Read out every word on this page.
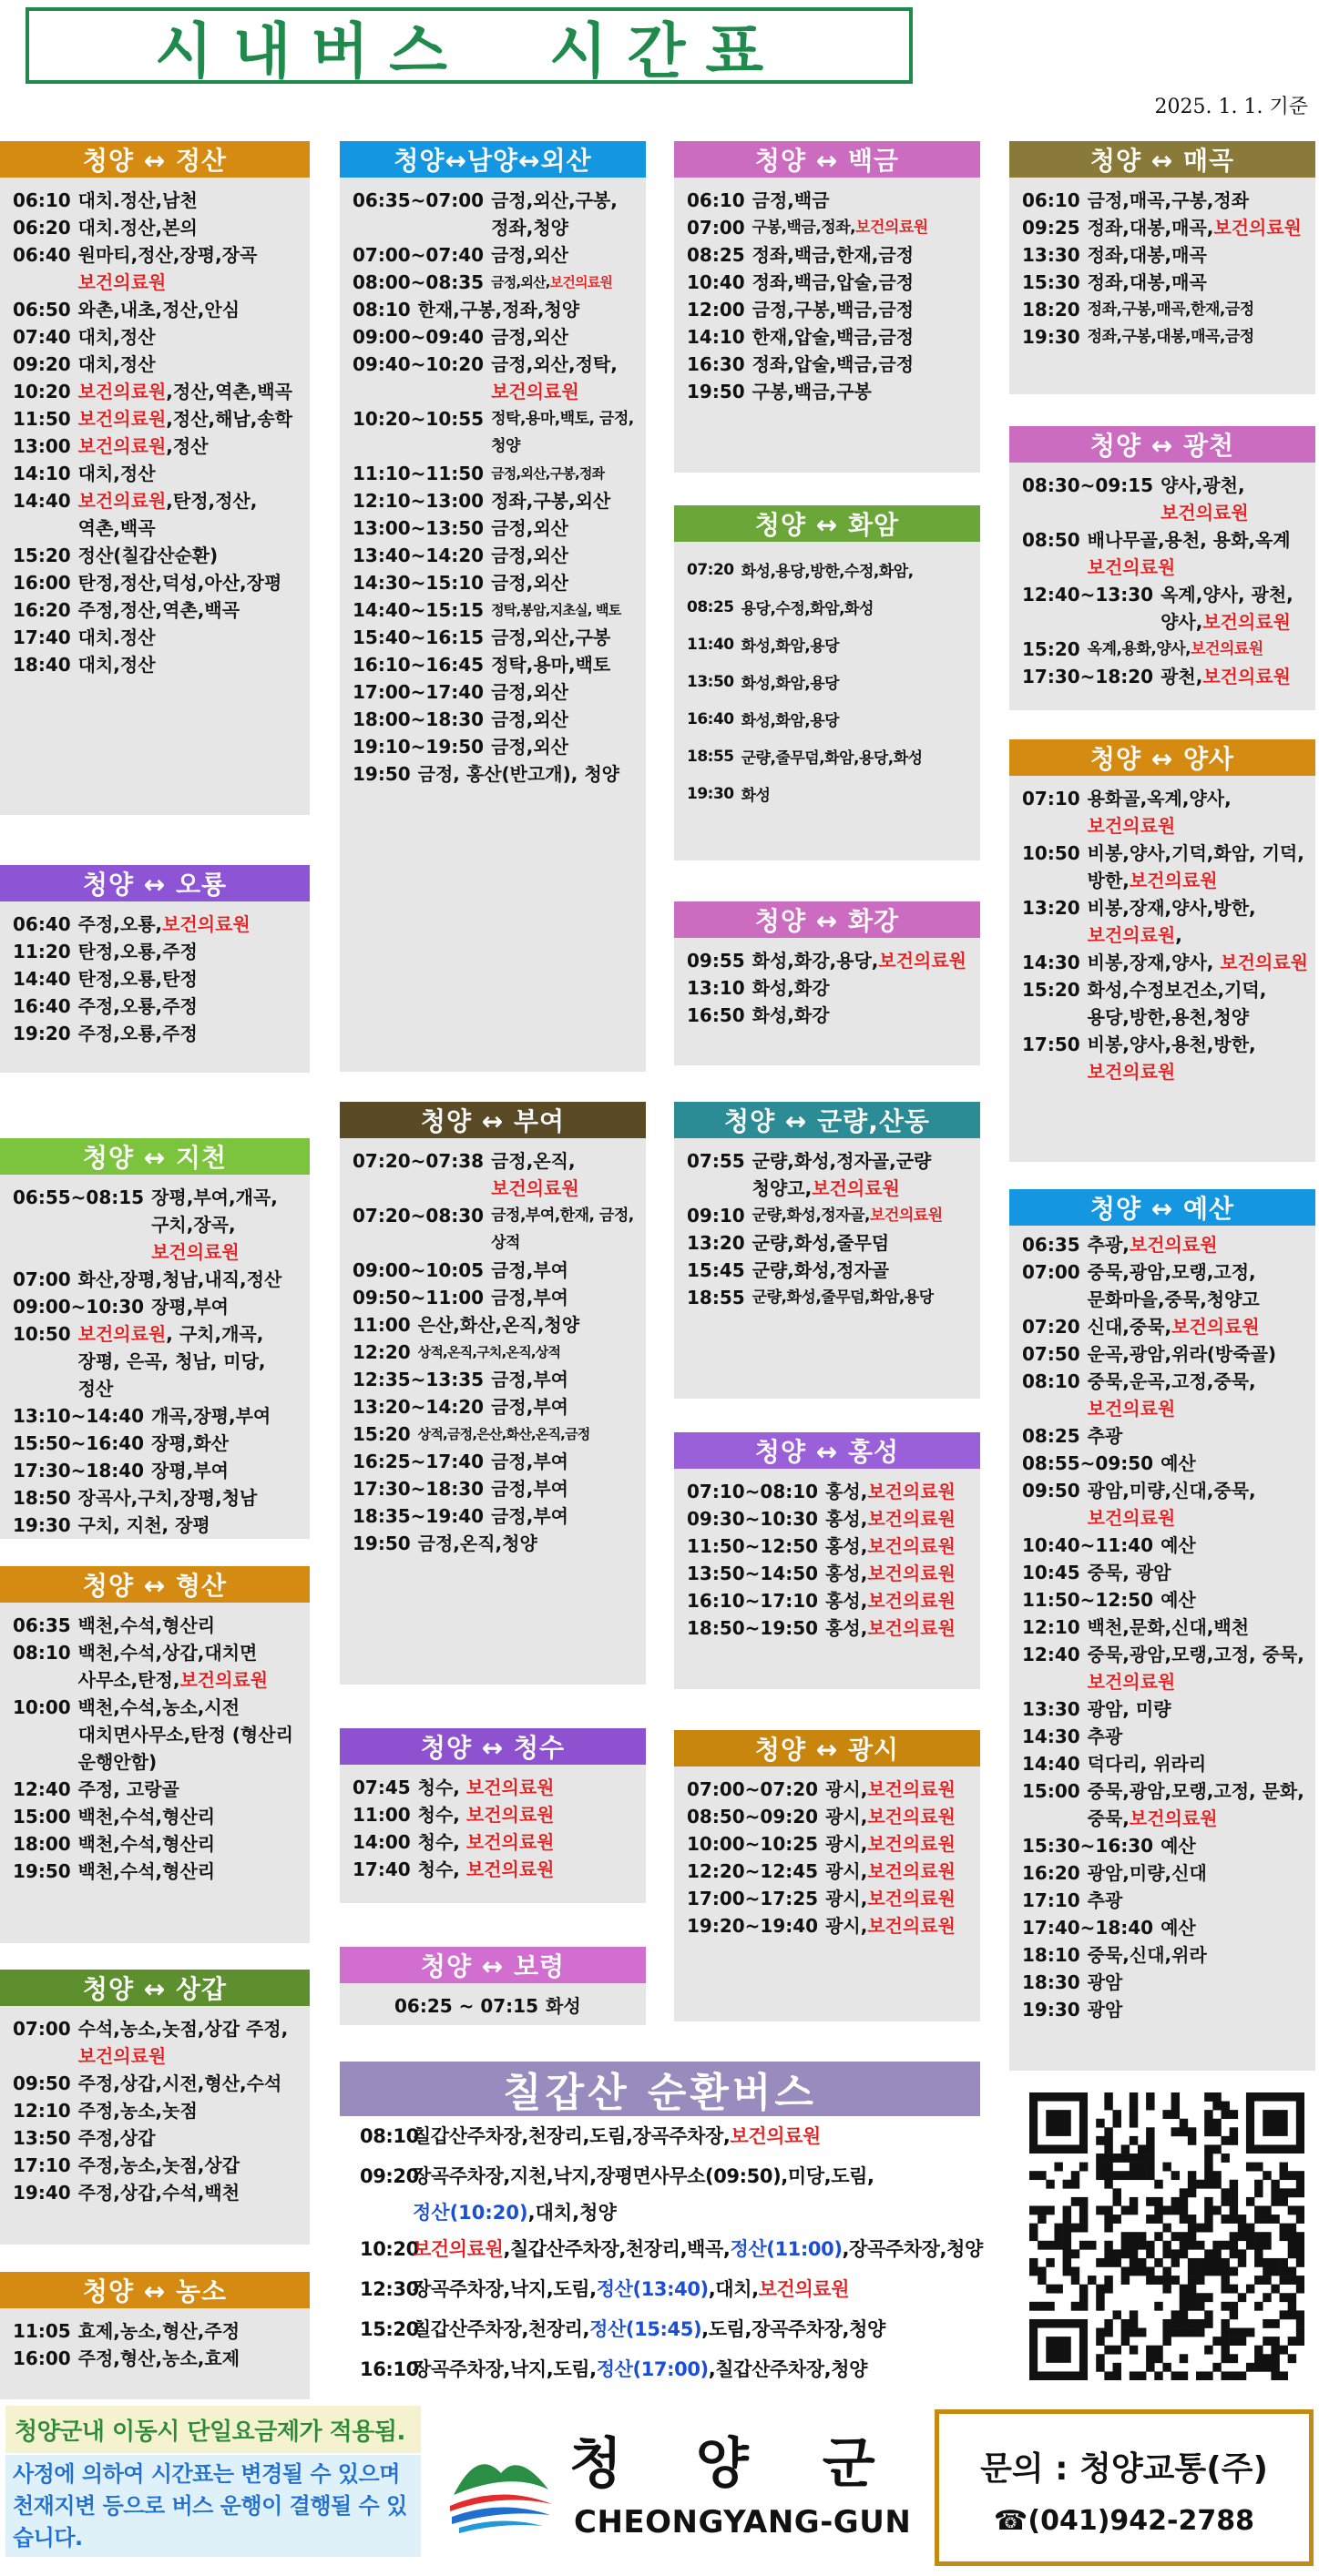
시내버스  시간표
2025. 1. 1. 기준
청양 ↔ 정산
06:10 대치.정산,남천
06:20 대치.정산,본의
06:40 원마티,정산,장평,장곡 보건의료원
06:50 와촌,내초,정산,안심
07:40 대치,정산
09:20 대치,정산
10:20 보건의료원,정산,역촌,백곡
11:50 보건의료원,정산,해남,송학
13:00 보건의료원,정산
14:10 대치,정산
14:40 보건의료원,탄정,정산, 역촌,백곡
15:20 정산(칠갑산순환)
16:00 탄정,정산,덕성,아산,장평
16:20 주정,정산,역촌,백곡
17:40 대치.정산
18:40 대치,정산
청양 ↔ 오룡
06:40 주정,오룡,보건의료원
11:20 탄정,오룡,주정
14:40 탄정,오룡,탄정
16:40 주정,오룡,주정
19:20 주정,오룡,주정
청양 ↔ 지천
06:55~08:15 장평,부여,개곡, 구치,장곡,보건의료원
07:00 화산,장평,청남,내직,정산
09:00~10:30 장평,부여
10:50 보건의료원, 구치,개곡, 장평, 은곡, 청남, 미당, 정산
13:10~14:40 개곡,장평,부여
15:50~16:40 장평,화산
17:30~18:40 장평,부여
18:50 장곡사,구치,장평,청남
19:30 구치, 지천, 장평
청양 ↔ 형산
06:35 백천,수석,형산리
08:10 백천,수석,상갑,대치면 사무소,탄정,보건의료원
10:00 백천,수석,농소,시전 대치면사무소,탄정 (형산리 운행안함)
12:40 주정, 고랑골
15:00 백천,수석,형산리
18:00 백천,수석,형산리
19:50 백천,수석,형산리
청양 ↔ 상갑
07:00 수석,농소,놋점,상갑 주정, 보건의료원
09:50 주정,상갑,시전,형산,수석
12:10 주정,농소,놋점
13:50 주정,상갑
17:10 주정,농소,놋점,상갑
19:40 주정,상갑,수석,백천
청양 ↔ 농소
11:05 효제,농소,형산,주정
16:00 주정,형산,농소,효제
청양↔남양↔외산
06:35~07:00 금정,외산,구봉, 정좌,청양
07:00~07:40 금정,외산
08:00~08:35 금정,외산,보건의료원
08:10 한재,구봉,정좌,청양
09:00~09:40 금정,외산
09:40~10:20 금정,외산,정탁, 보건의료원
10:20~10:55 정탁,용마,백토, 금정,청양
11:10~11:50 금정,외산,구봉,정좌
12:10~13:00 정좌,구봉,외산
13:00~13:50 금정,외산
13:40~14:20 금정,외산
14:30~15:10 금정,외산
14:40~15:15 정탁,봉암,지초실, 백토
15:40~16:15 금정,외산,구봉
16:10~16:45 정탁,용마,백토
17:00~17:40 금정,외산
18:00~18:30 금정,외산
19:10~19:50 금정,외산
19:50 금정, 홍산(반고개), 청양
청양 ↔ 부여
07:20~07:38 금정,온직, 보건의료원
07:20~08:30 금정,부여,한재, 금정,상적
09:00~10:05 금정,부여
09:50~11:00 금정,부여
11:00 은산,화산,온직,청양
12:20 상적,온직,구치,온직,상적
12:35~13:35 금정,부여
13:20~14:20 금정,부여
15:20 상적,금정,은산,화산,온직,금정
16:25~17:40 금정,부여
17:30~18:30 금정,부여
18:35~19:40 금정,부여
19:50 금정,온직,청양
청양 ↔ 청수
07:45 청수, 보건의료원
11:00 청수, 보건의료원
14:00 청수, 보건의료원
17:40 청수, 보건의료원
청양 ↔ 보령
06:25 ~ 07:15 화성
청양 ↔ 백금
06:10 금정,백금
07:00 구봉,백금,정좌,보건의료원
08:25 정좌,백금,한재,금정
10:40 정좌,백금,압술,금정
12:00 금정,구봉,백금,금정
14:10 한재,압술,백금,금정
16:30 정좌,압술,백금,금정
19:50 구봉,백금,구봉
청양 ↔ 화암
07:20 화성,용당,방한,수정,화암,
08:25 용당,수정,화암,화성
11:40 화성,화암,용당
13:50 화성,화암,용당
16:40 화성,화암,용당
18:55 군량,줄무덤,화암,용당,화성
19:30 화성
청양 ↔ 화강
09:55 화성,화강,용당,보건의료원
13:10 화성,화강
16:50 화성,화강
청양 ↔ 군량,산동
07:55 군량,화성,정자골,군량 청양고,보건의료원
09:10 군량,화성,정자골,보건의료원
13:20 군량,화성,줄무덤
15:45 군량,화성,정자골
18:55 군량,화성,줄무덤,화암,용당
청양 ↔ 홍성
07:10~08:10 홍성,보건의료원
09:30~10:30 홍성,보건의료원
11:50~12:50 홍성,보건의료원
13:50~14:50 홍성,보건의료원
16:10~17:10 홍성,보건의료원
18:50~19:50 홍성,보건의료원
청양 ↔ 광시
07:00~07:20 광시,보건의료원
08:50~09:20 광시,보건의료원
10:00~10:25 광시,보건의료원
12:20~12:45 광시,보건의료원
17:00~17:25 광시,보건의료원
19:20~19:40 광시,보건의료원
청양 ↔ 매곡
06:10 금정,매곡,구봉,정좌
09:25 정좌,대봉,매곡,보건의료원
13:30 정좌,대봉,매곡
15:30 정좌,대봉,매곡
18:20 정좌,구봉,매곡,한재,금정
19:30 정좌,구봉,대봉,매곡,금정
청양 ↔ 광천
08:30~09:15 양사,광천,보건의료원
08:50 배나무골,용천, 용화,옥계 보건의료원
12:40~13:30 옥계,양사, 광천,양사,보건의료원
15:20 옥계,용화,양사,보건의료원
17:30~18:20 광천,보건의료원
청양 ↔ 양사
07:10 용화골,옥계,양사, 보건의료원
10:50 비봉,양사,기덕,화암, 기덕,방한,보건의료원
13:20 비봉,장재,양사,방한, 보건의료원,
14:30 비봉,장재,양사, 보건의료원
15:20 화성,수정보건소,기덕, 용당,방한,용천,청양
17:50 비봉,양사,용천,방한, 보건의료원
청양 ↔ 예산
06:35 추광,보건의료원
07:00 중묵,광암,모랭,고정, 문화마을,중묵,청양고
07:20 신대,중묵,보건의료원
07:50 운곡,광암,위라(방죽골)
08:10 중묵,운곡,고정,중묵, 보건의료원
08:25 추광
08:55~09:50 예산
09:50 광암,미량,신대,중묵, 보건의료원
10:40~11:40 예산
10:45 중묵, 광암
11:50~12:50 예산
12:10 백천,문화,신대,백천
12:40 중묵,광암,모랭,고정, 중묵,보건의료원
13:30 광암, 미량
14:30 추광
14:40 덕다리, 위라리
15:00 중묵,광암,모랭,고정, 문화,중묵,보건의료원
15:30~16:30 예산
16:20 광암,미량,신대
17:10 추광
17:40~18:40 예산
18:10 중묵,신대,위라
18:30 광암
19:30 광암
칠갑산 순환버스
08:10칠갑산주차장,천장리,도림,장곡주차장,보건의료원
09:20장곡주차장,지천,낙지,장평면사무소(09:50),미당,도림,
정산(10:20),대치,청양
10:20보건의료원,칠갑산주차장,천장리,백곡,정산(11:00),장곡주차장,청양
12:30장곡주차장,낙지,도림,정산(13:40),대치,보건의료원
15:20칠갑산주차장,천장리,정산(15:45),도림,장곡주차장,청양
16:10장곡주차장,낙지,도림,정산(17:00),칠갑산주차장,청양
청양군내 이동시 단일요금제가 적용됨.
사정에 의하여 시간표는 변경될 수 있으며 천재지변 등으로 버스 운행이 결행될 수 있습니다.
청 양 군
CHEONGYANG-GUN
문의 : 청양교통(주)
☎(041)942-2788
